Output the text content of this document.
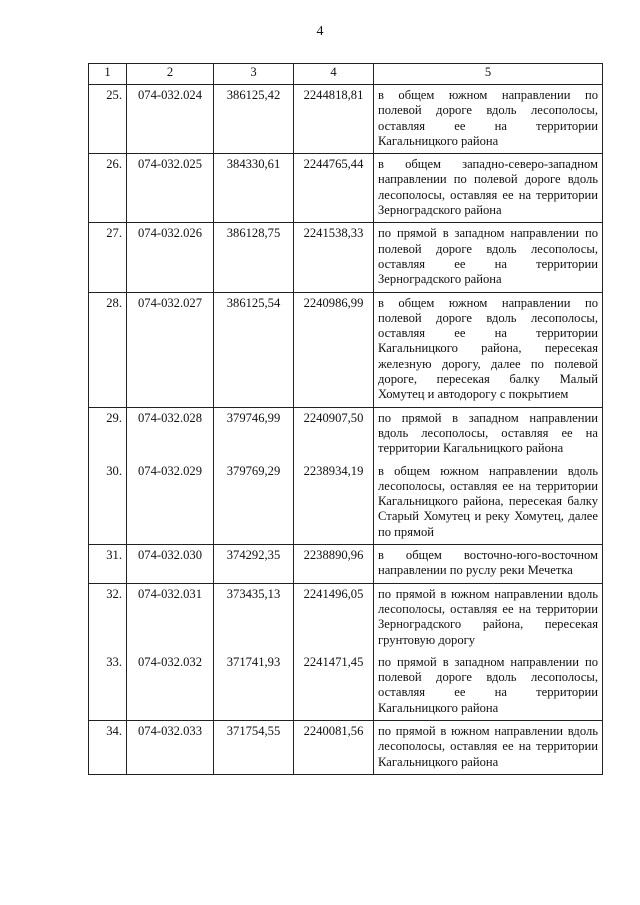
4
1	2	3	4	5
25.	074-032.024	386125,42	2244818,81	в общем южном направлении по полевой дороге вдоль лесополосы, оставляя ее на территории Кагальницкого района
26.	074-032.025	384330,61	2244765,44	в общем западно-северо-западном направлении по полевой дороге вдоль лесополосы, оставляя ее на территории Зерноградского района
27.	074-032.026	386128,75	2241538,33	по прямой в западном направлении по полевой дороге вдоль лесополосы, оставляя ее на территории Зерноградского района
28.	074-032.027	386125,54	2240986,99	в общем южном направлении по полевой дороге вдоль лесополосы, оставляя ее на территории Кагальницкого района, пересекая железную дорогу, далее по полевой дороге, пересекая балку Малый Хомутец и автодорогу с покрытием
29.	074-032.028	379746,99	2240907,50	по прямой в западном направлении вдоль лесополосы, оставляя ее на территории Кагальницкого района
30.	074-032.029	379769,29	2238934,19	в общем южном направлении вдоль лесополосы, оставляя ее на территории Кагальницкого района, пересекая балку Старый Хомутец и реку Хомутец, далее по прямой
31.	074-032.030	374292,35	2238890,96	в общем восточно-юго-восточном направлении по руслу реки Мечетка
32.	074-032.031	373435,13	2241496,05	по прямой в южном направлении вдоль лесополосы, оставляя ее на территории Зерноградского района, пересекая грунтовую дорогу
33.	074-032.032	371741,93	2241471,45	по прямой в западном направлении по полевой дороге вдоль лесополосы, оставляя ее на территории Кагальницкого района
34.	074-032.033	371754,55	2240081,56	по прямой в южном направлении вдоль лесополосы, оставляя ее на территории Кагальницкого района
